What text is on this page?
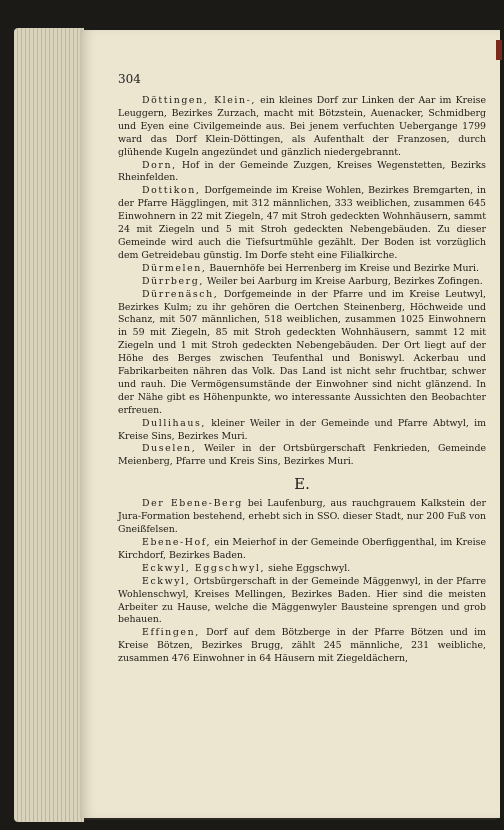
304

Döttingen, Klein-, ein kleines Dorf zur Linken der Aar im Kreise Leuggern, Bezirkes Zurzach, macht mit Bötzstein, Auenacker, Schmidberg und Eyen eine Civilgemeinde aus. Bei jenem verfuchten Uebergange 1799 ward das Dorf Klein-Döttingen, als Aufenthalt der Franzosen, durch glühende Kugeln angezündet und gänzlich niedergebrannt.

Dorn, Hof in der Gemeinde Zuzgen, Kreises Wegenstetten, Bezirks Rheinfelden.

Dottikon, Dorfgemeinde im Kreise Wohlen, Bezirkes Bremgarten, in der Pfarre Hägglingen, mit 312 männlichen, 333 weiblichen, zusammen 645 Einwohnern in 22 mit Ziegeln, 47 mit Stroh gedeckten Wohnhäusern, sammt 24 mit Ziegeln und 5 mit Stroh gedeckten Nebengebäuden. Zu dieser Gemeinde wird auch die Tiefsurtmühle gezählt. Der Boden ist vorzüglich dem Getreidebau günstig. Im Dorfe steht eine Filialkirche.

Dürmelen, Bauernhöfe bei Herrenberg im Kreise und Bezirke Muri.

Dürrberg, Weiler bei Aarburg im Kreise Aarburg, Bezirkes Zofingen.

Dürrenäsch, Dorfgemeinde in der Pfarre und im Kreise Leutwyl, Bezirkes Kulm; zu ihr gehören die Oertchen Steinenberg, Höchweide und Schanz, mit 507 männlichen, 518 weiblichen, zusammen 1025 Einwohnern in 59 mit Ziegeln, 85 mit Stroh gedeckten Wohnhäusern, sammt 12 mit Ziegeln und 1 mit Stroh gedeckten Nebengebäuden. Der Ort liegt auf der Höhe des Berges zwischen Teufenthal und Boniswyl. Ackerbau und Fabrikarbeiten nähren das Volk. Das Land ist nicht sehr fruchtbar, schwer und rauh. Die Vermögensumstände der Einwohner sind nicht glänzend. In der Nähe gibt es Höhenpunkte, wo interessante Aussichten den Beobachter erfreuen.

Dullihaus, kleiner Weiler in der Gemeinde und Pfarre Abtwyl, im Kreise Sins, Bezirkes Muri.

Duselen, Weiler in der Ortsbürgerschaft Fenkrieden, Gemeinde Meienberg, Pfarre und Kreis Sins, Bezirkes Muri.

E.

Der Ebene-Berg bei Laufenburg, aus rauchgrauem Kalkstein der Jura-Formation bestehend, erhebt sich in SSO. dieser Stadt, nur 200 Fuß von Gneißfelsen.

Ebene-Hof, ein Meierhof in der Gemeinde Oberfiggenthal, im Kreise Kirchdorf, Bezirkes Baden.

Eckwyl, Eggschwyl, siehe Eggschwyl.

Eckwyl, Ortsbürgerschaft in der Gemeinde Mäggenwyl, in der Pfarre Wohlenschwyl, Kreises Mellingen, Bezirkes Baden. Hier sind die meisten Arbeiter zu Hause, welche die Mäggenwyler Bausteine sprengen und grob behauen.

Effingen, Dorf auf dem Bötzberge in der Pfarre Bötzen und im Kreise Bötzen, Bezirkes Brugg, zählt 245 männliche, 231 weibliche, zusammen 476 Einwohner in 64 Häusern mit Ziegeldächern,
